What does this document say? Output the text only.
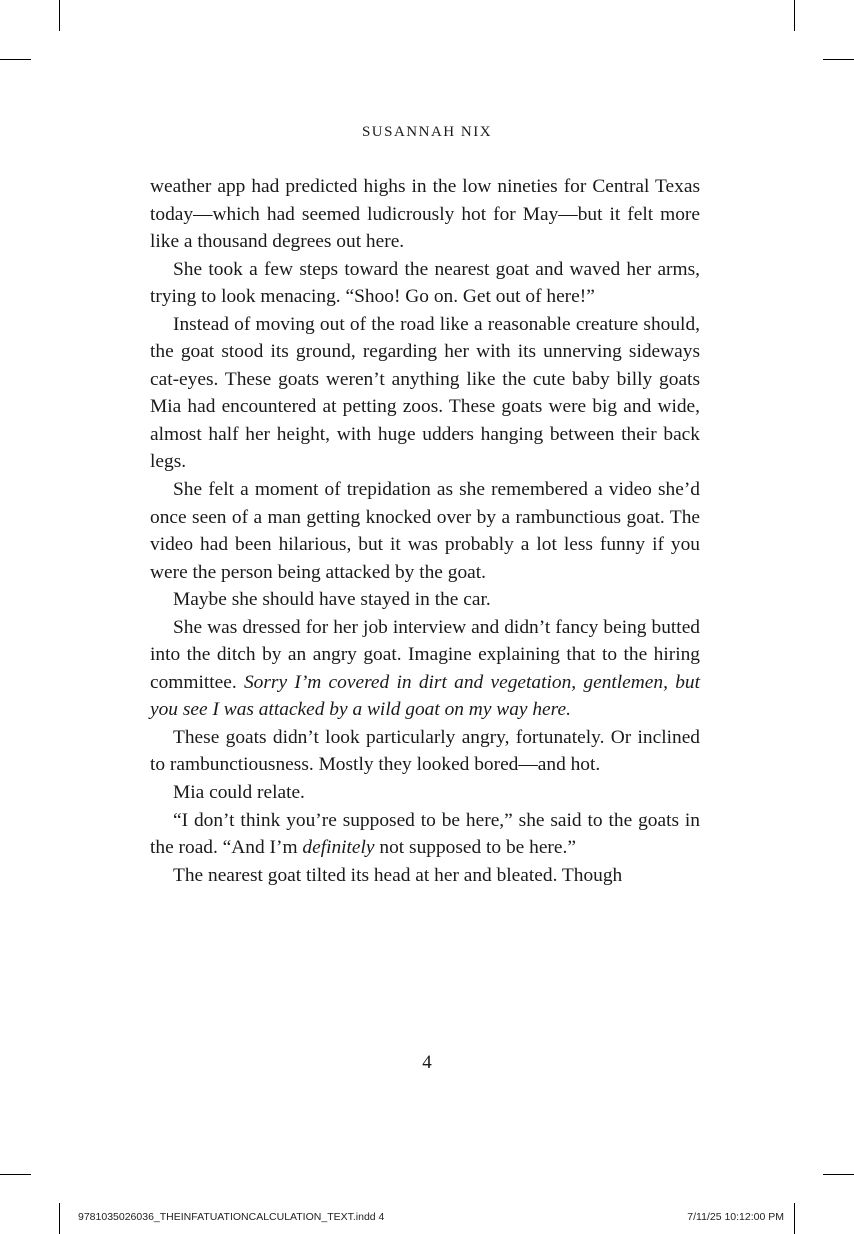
SUSANNAH NIX

weather app had predicted highs in the low nineties for Central Texas today—which had seemed ludicrously hot for May—but it felt more like a thousand degrees out here.

She took a few steps toward the nearest goat and waved her arms, trying to look menacing. “Shoo! Go on. Get out of here!”

Instead of moving out of the road like a reasonable creature should, the goat stood its ground, regarding her with its unnerving sideways cat-eyes. These goats weren’t anything like the cute baby billy goats Mia had encountered at petting zoos. These goats were big and wide, almost half her height, with huge udders hanging between their back legs.

She felt a moment of trepidation as she remembered a video she’d once seen of a man getting knocked over by a rambunctious goat. The video had been hilarious, but it was probably a lot less funny if you were the person being attacked by the goat.

Maybe she should have stayed in the car.

She was dressed for her job interview and didn’t fancy being butted into the ditch by an angry goat. Imagine explaining that to the hiring committee. Sorry I’m covered in dirt and vegetation, gentlemen, but you see I was attacked by a wild goat on my way here.

These goats didn’t look particularly angry, fortunately. Or inclined to rambunctiousness. Mostly they looked bored—and hot.

Mia could relate.

“I don’t think you’re supposed to be here,” she said to the goats in the road. “And I’m definitely not supposed to be here.”

The nearest goat tilted its head at her and bleated. Though

4
9781035026036_THEINFATUATIONCALCULATION_TEXT.indd 4	7/11/25 10:12:00 PM
